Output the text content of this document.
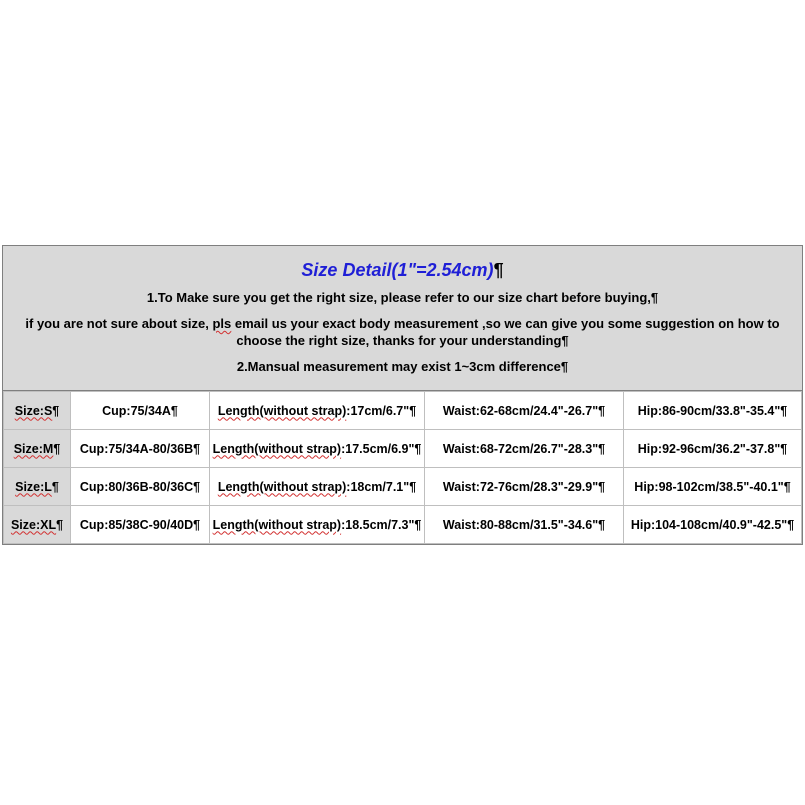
Size Detail(1"=2.54cm)¶
1.To Make sure you get the right size, please refer to our size chart before buying,¶
if you are not sure about size, pls email us your exact body measurement ,so we can give you some suggestion on how to choose the right size, thanks for your understanding¶
2.Mansual measurement may exist 1~3cm difference¶
Size:S¶	Cup:75/34A¶	Length(without strap):17cm/6.7"¶	Waist:62-68cm/24.4"-26.7"¶	Hip:86-90cm/33.8"-35.4"¶
Size:M¶	Cup:75/34A-80/36B¶	Length(without strap):17.5cm/6.9"¶	Waist:68-72cm/26.7"-28.3"¶	Hip:92-96cm/36.2"-37.8"¶
Size:L¶	Cup:80/36B-80/36C¶	Length(without strap):18cm/7.1"¶	Waist:72-76cm/28.3"-29.9"¶	Hip:98-102cm/38.5"-40.1"¶
Size:XL¶	Cup:85/38C-90/40D¶	Length(without strap):18.5cm/7.3"¶	Waist:80-88cm/31.5"-34.6"¶	Hip:104-108cm/40.9"-42.5"¶
